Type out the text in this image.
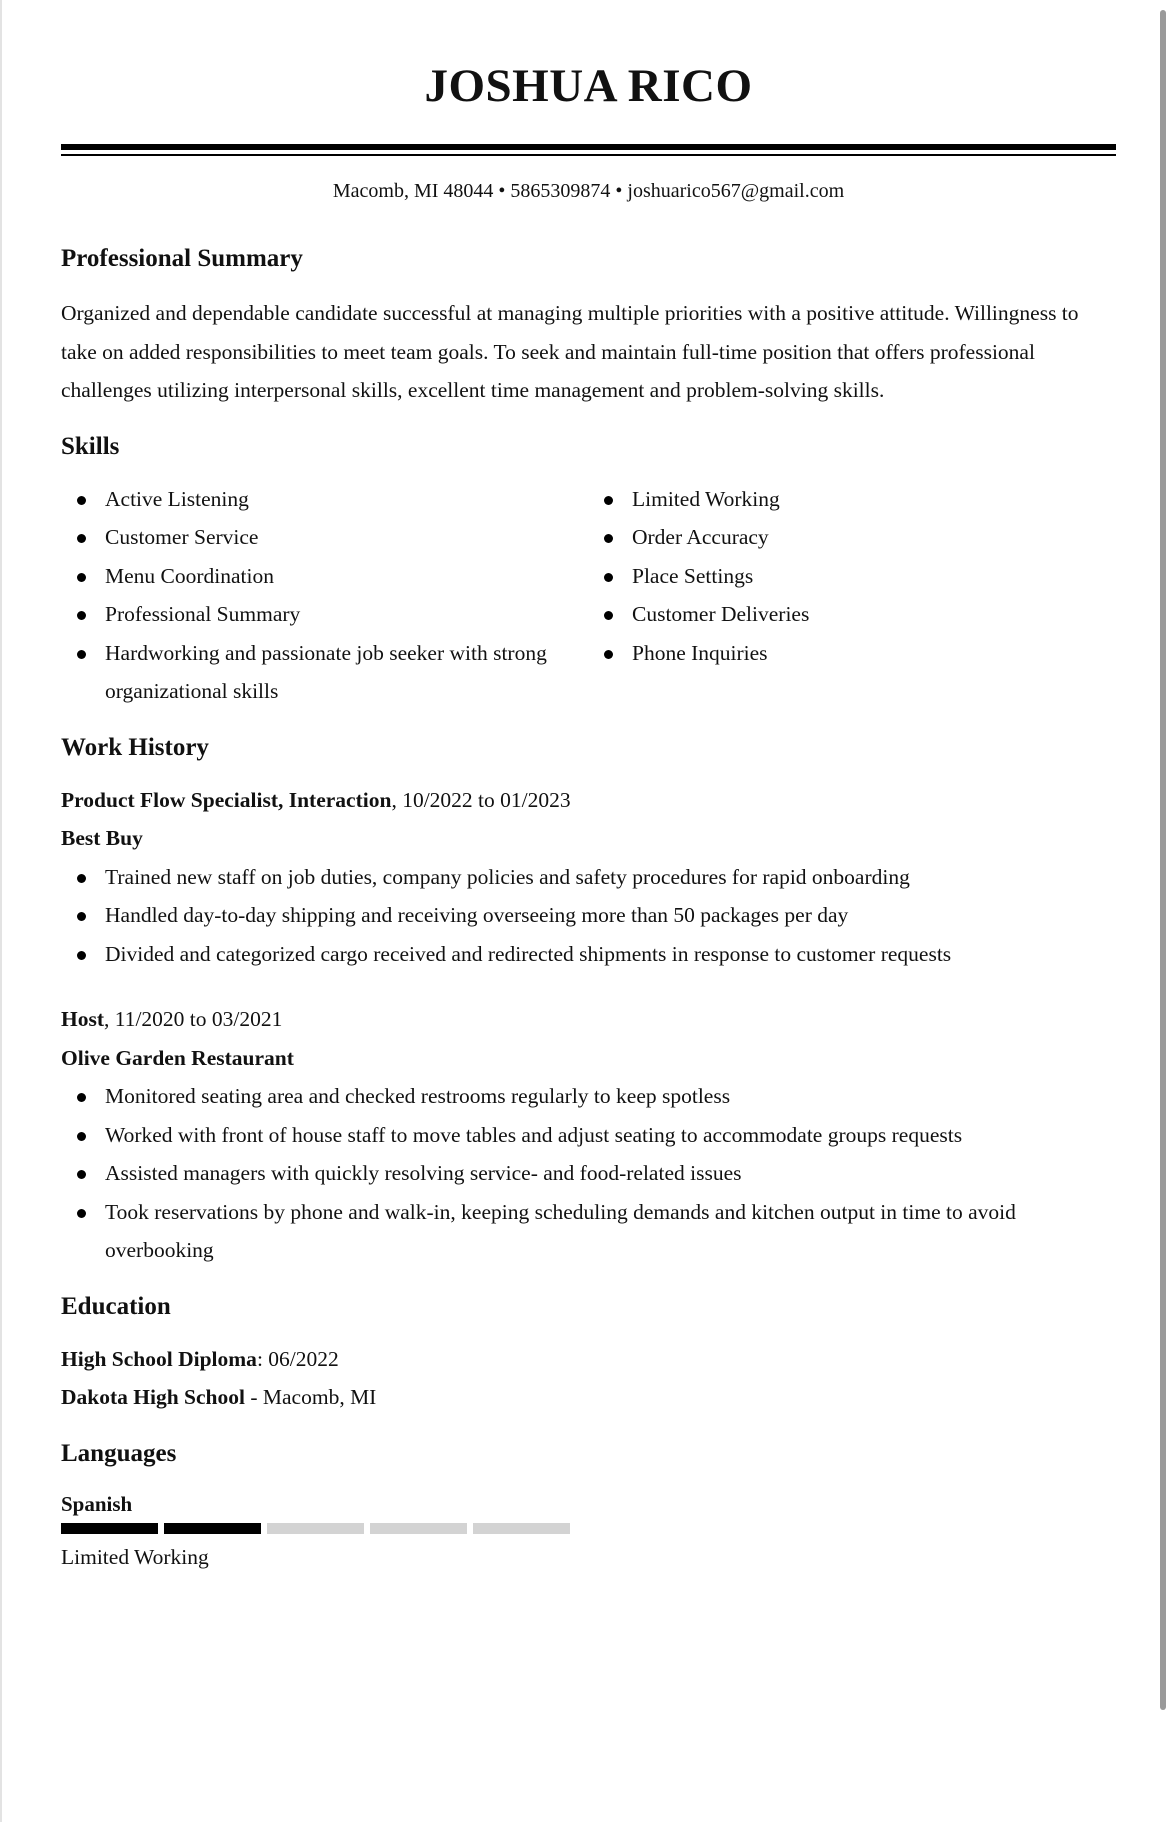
JOSHUA RICO
Macomb, MI 48044 • 5865309874 • joshuarico567@gmail.com
Professional Summary

Organized and dependable candidate successful at managing multiple priorities with a positive attitude. Willingness to take on added responsibilities to meet team goals. To seek and maintain full-time position that offers professional challenges utilizing interpersonal skills, excellent time management and problem-solving skills.

Skills
Active Listening
Customer Service
Menu Coordination
Professional Summary
Hardworking and passionate job seeker with strong organizational skills
Limited Working
Order Accuracy
Place Settings
Customer Deliveries
Phone Inquiries
Work History
Product Flow Specialist, Interaction, 10/2022 to 01/2023
Best Buy
Trained new staff on job duties, company policies and safety procedures for rapid onboarding
Handled day-to-day shipping and receiving overseeing more than 50 packages per day
Divided and categorized cargo received and redirected shipments in response to customer requests
Host, 11/2020 to 03/2021
Olive Garden Restaurant
Monitored seating area and checked restrooms regularly to keep spotless
Worked with front of house staff to move tables and adjust seating to accommodate groups requests
Assisted managers with quickly resolving service- and food-related issues
Took reservations by phone and walk-in, keeping scheduling demands and kitchen output in time to avoid overbooking
Education
High School Diploma: 06/2022
Dakota High School - Macomb, MI
Languages
Spanish
Limited Working
